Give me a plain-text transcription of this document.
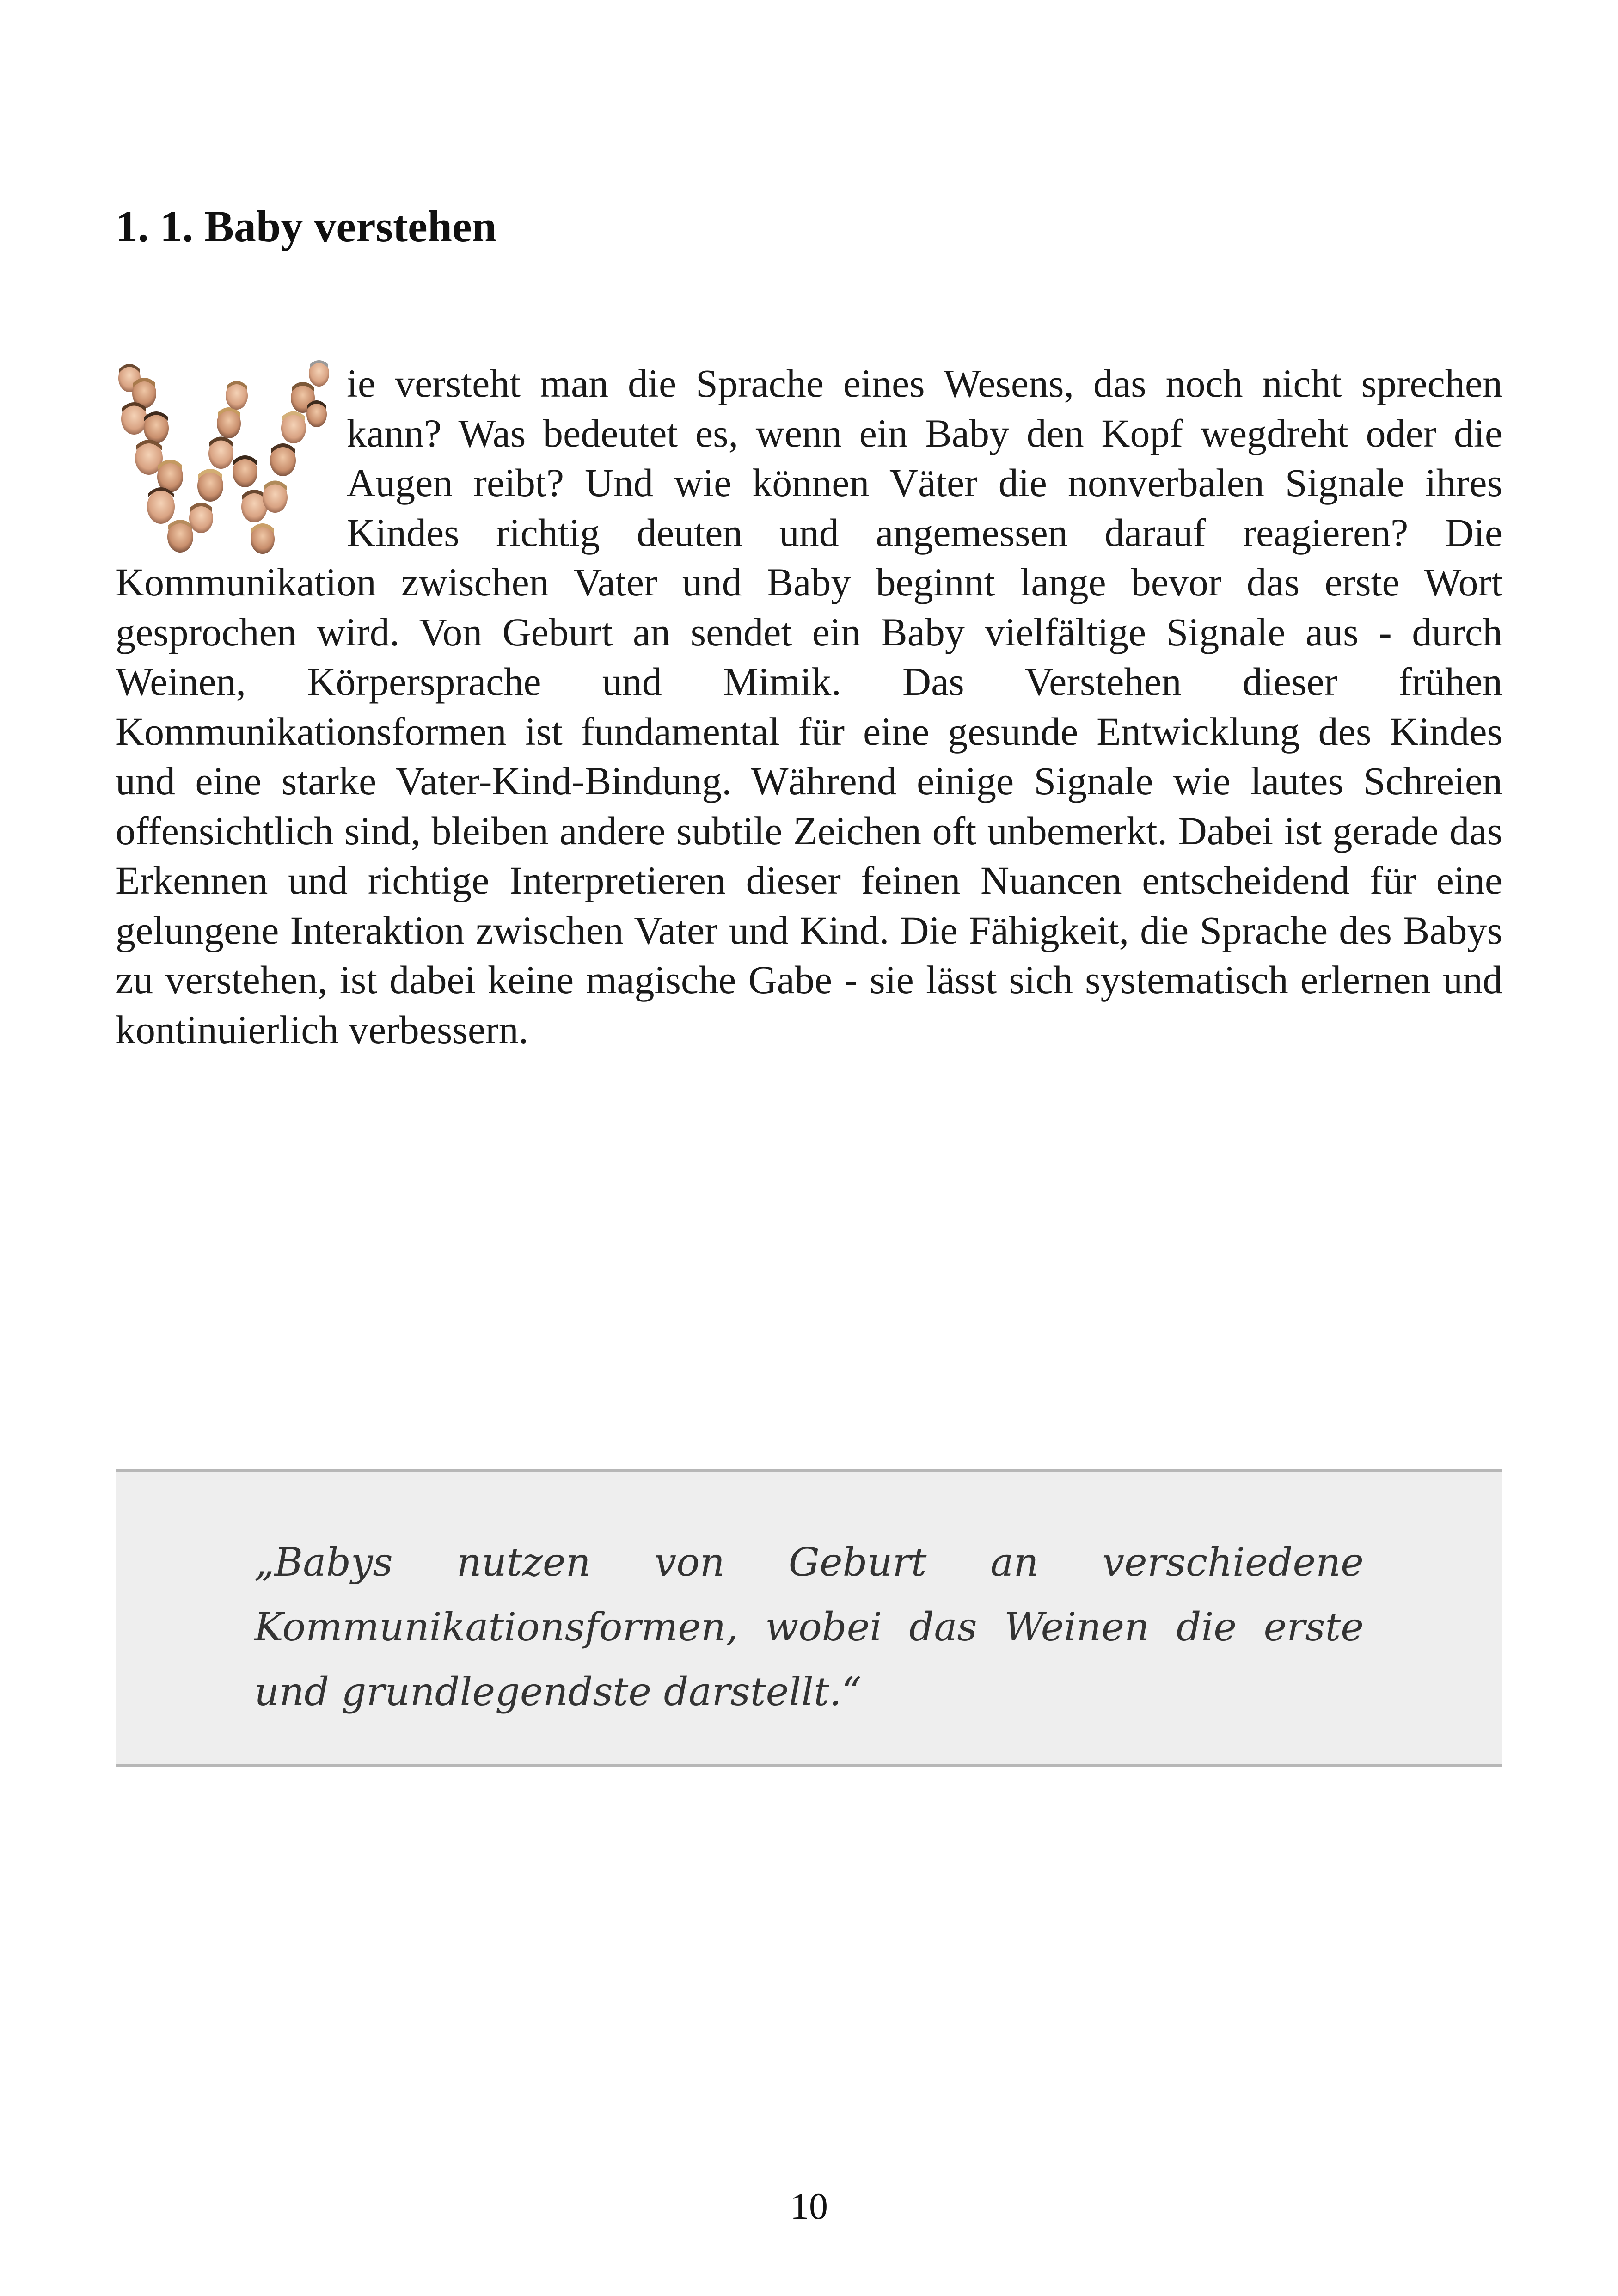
1. 1. Baby verstehen
ie versteht man die Sprache eines Wesens, das noch nicht sprechen kann? Was bedeutet es, wenn ein Baby den Kopf wegdreht oder die Augen reibt? Und wie können Väter die nonverbalen Signale ihres Kindes richtig deuten und angemessen darauf reagieren? Die Kommunikation zwischen Vater und Baby beginnt lange bevor das erste Wort gesprochen wird. Von Geburt an sendet ein Baby vielfältige Signale aus - durch Weinen, Körpersprache und Mimik. Das Verstehen dieser frühen Kommunikationsformen ist fundamental für eine gesunde Entwicklung des Kindes und eine starke Vater-Kind-Bindung. Während einige Signale wie lautes Schreien offensichtlich sind, bleiben andere subtile Zeichen oft unbemerkt. Dabei ist gerade das Erkennen und richtige Interpretieren dieser feinen Nuancen entscheidend für eine gelungene Interaktion zwischen Vater und Kind. Die Fähigkeit, die Sprache des Babys zu verstehen, ist dabei keine magische Gabe - sie lässt sich systematisch erlernen und kontinuierlich verbessern.

„Babys nutzen von Geburt an verschiedene Kommunikationsformen, wobei das Weinen die erste und grundlegendste darstellt.“

10
